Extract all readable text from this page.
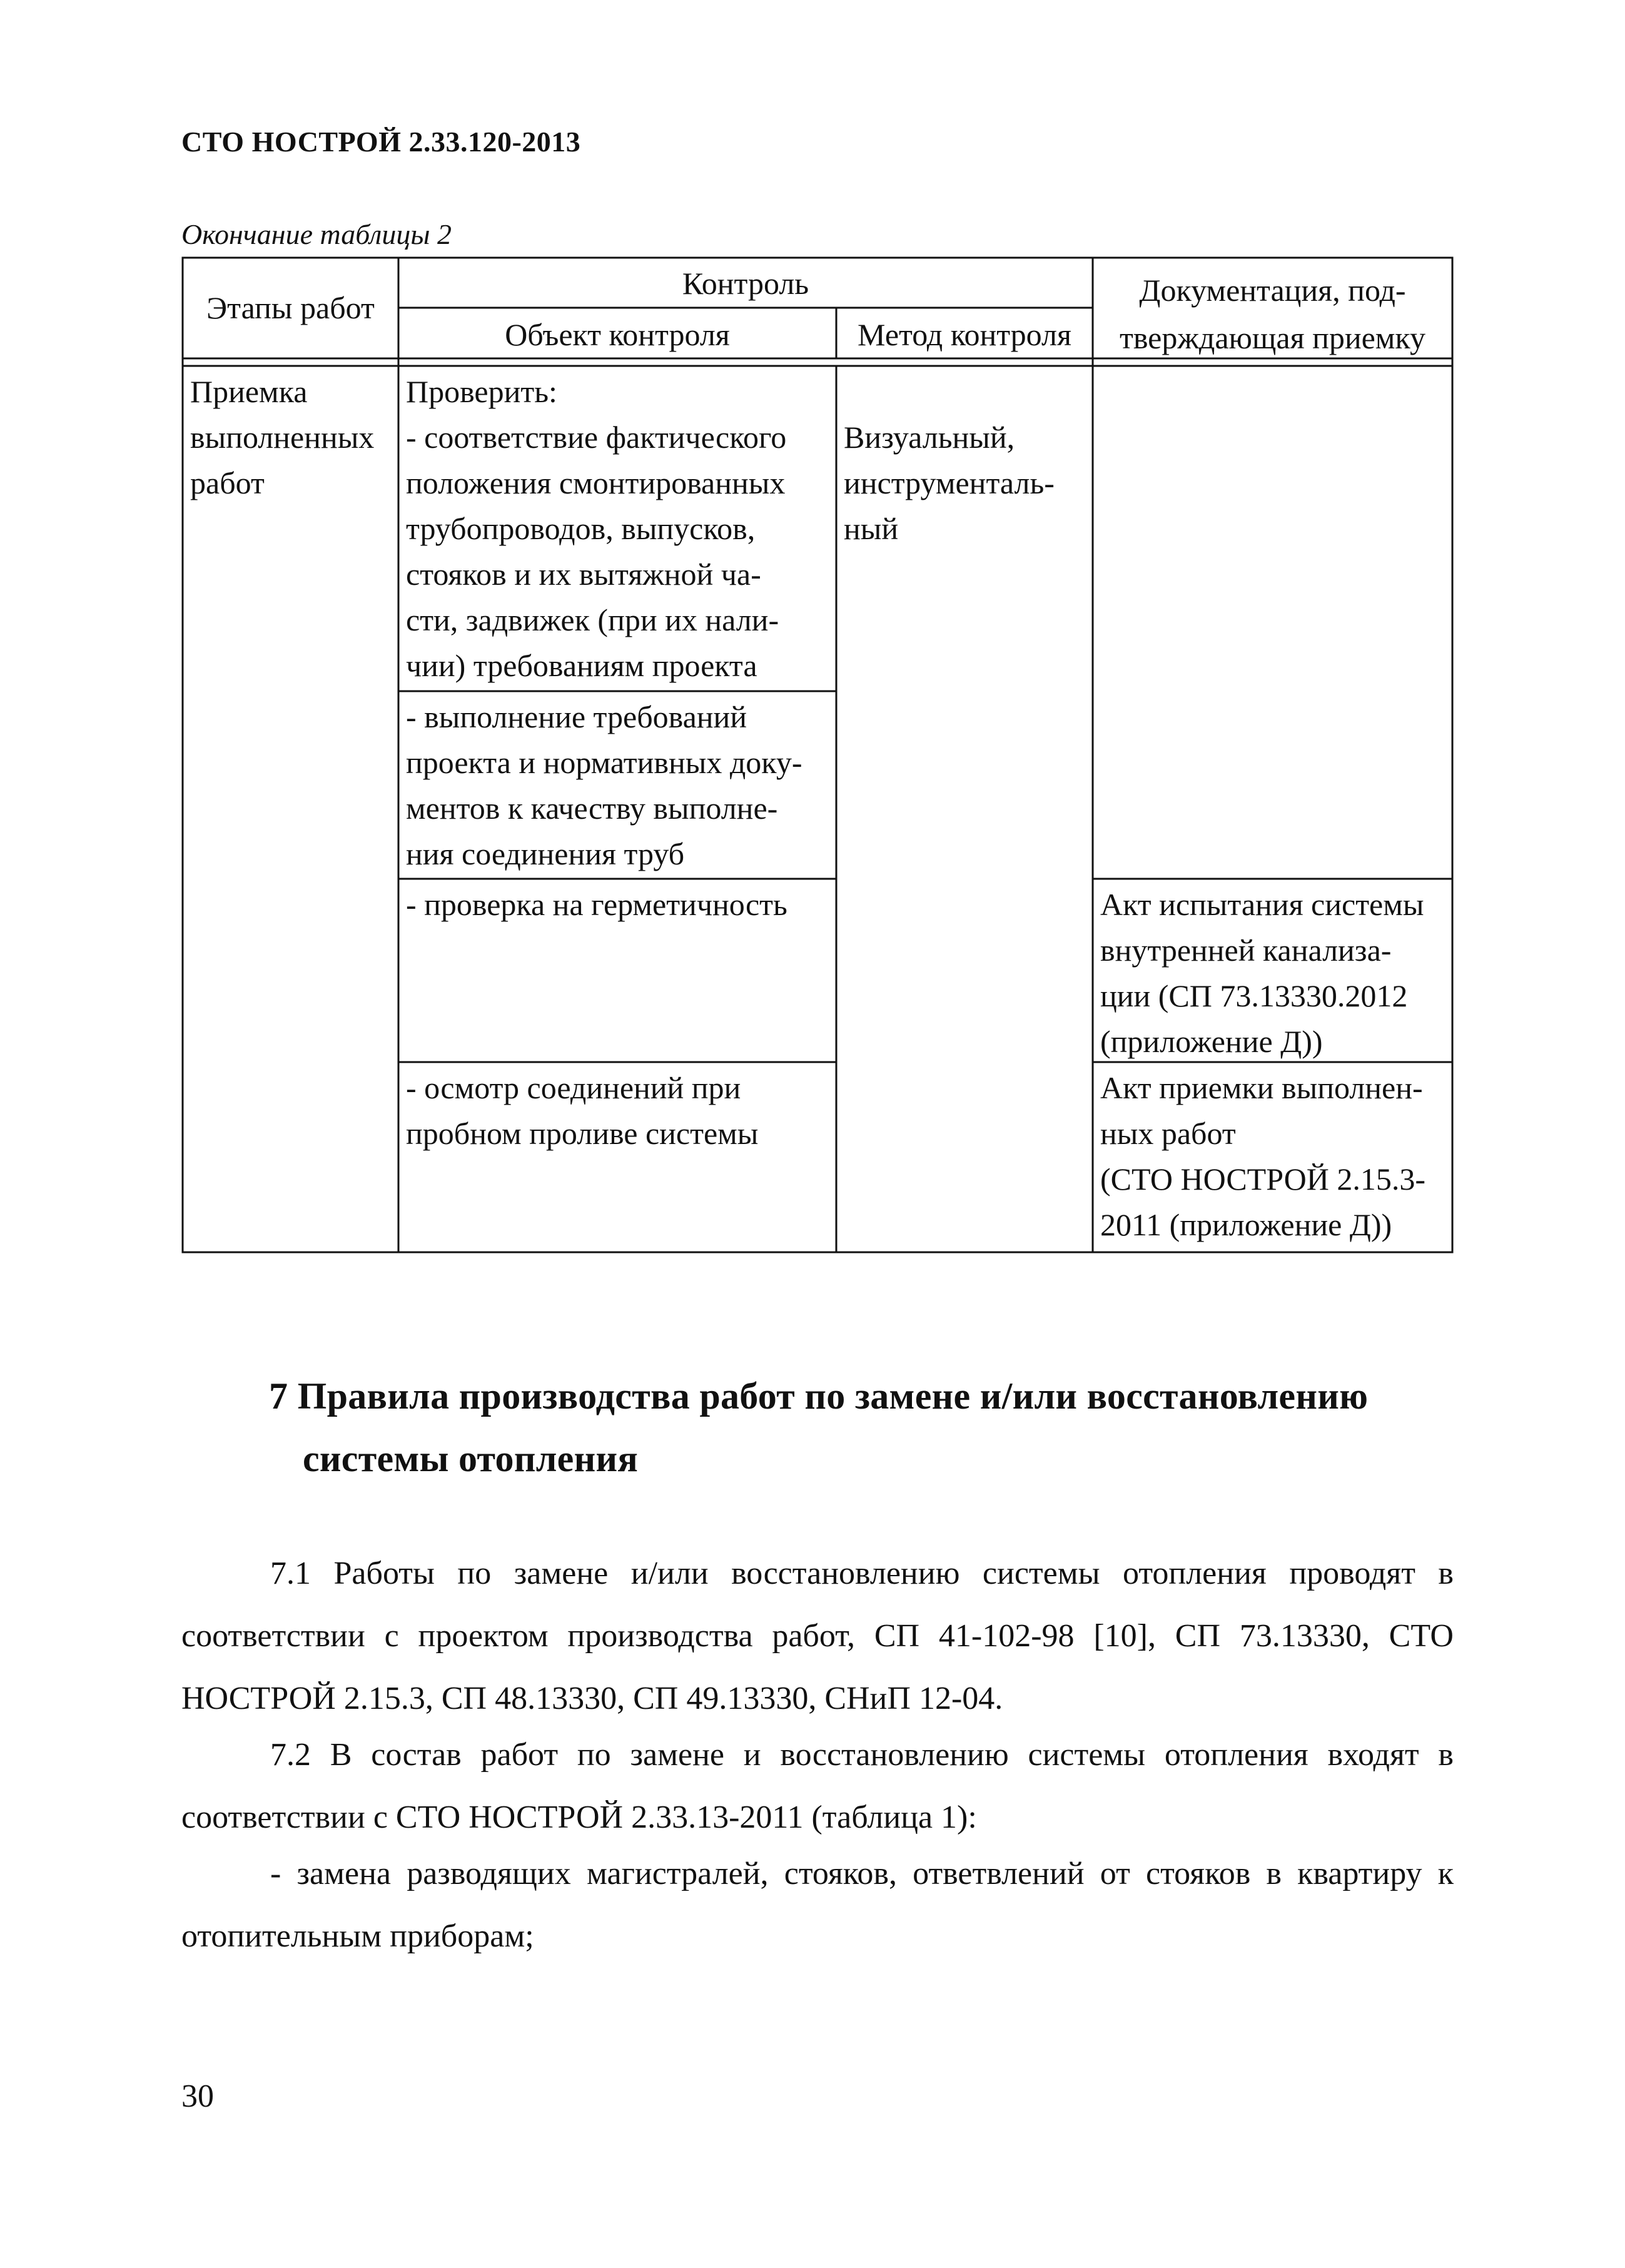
СТО НОСТРОЙ 2.33.120-2013
Окончание таблицы 2
Этапы работ
Контроль
Объект контроля	Метод контроля
Документация, под-
тверждающая приемку
Приемка
выполненных
работ
Визуальный,
инструменталь-
ный
Проверить:
- соответствие фактического
положения смонтированных
трубопроводов, выпусков,
стояков и их вытяжной ча-
сти, задвижек (при их нали-
чии) требованиям проекта
- выполнение требований
проекта и нормативных доку-
ментов к качеству выполне-
ния соединения труб
- проверка на герметичность
- осмотр соединений при
пробном проливе системы
Акт испытания системы
внутренней канализа-
ции (СП 73.13330.2012
(приложение Д))
Акт приемки выполнен-
ных работ
(СТО НОСТРОЙ 2.15.3-
2011 (приложение Д))
7 Правила производства работ по замене и/или восстановлению
системы отопления
7.1 Работы по замене и/или восстановлению системы отопления проводят в соответствии с проектом производства работ, СП 41-102-98 [10], СП 73.13330, СТО НОСТРОЙ 2.15.3, СП 48.13330, СП 49.13330, СНиП 12-04.
7.2 В состав работ по замене и восстановлению системы отопления входят в соответствии с СТО НОСТРОЙ 2.33.13-2011 (таблица 1):
- замена разводящих магистралей, стояков, ответвлений от стояков в квартиру к отопительным приборам;
30
